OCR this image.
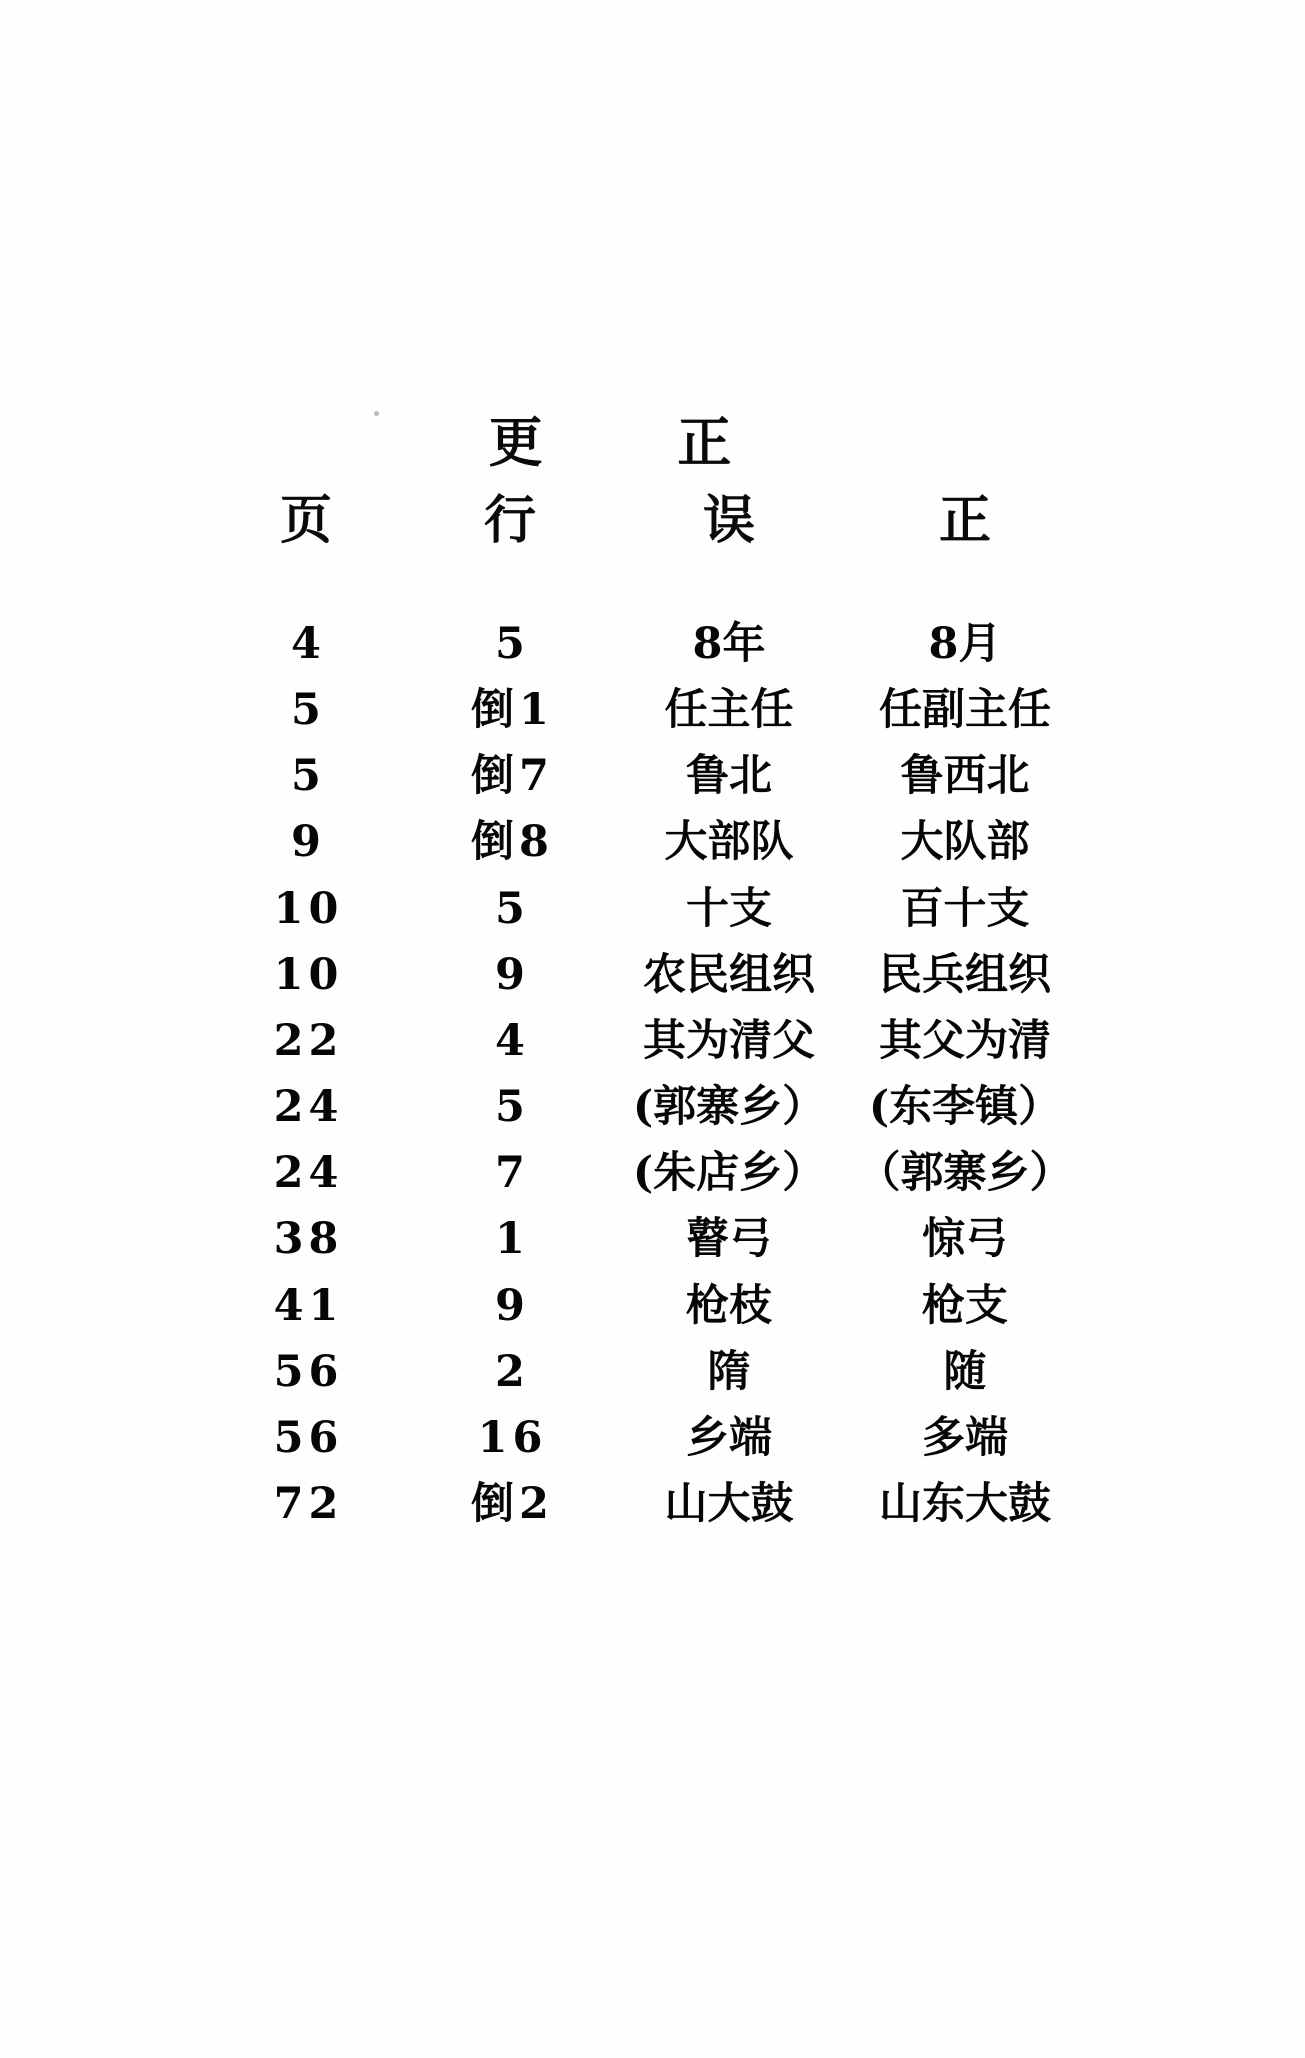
更 正
页	行	误	正
4	5	8年	8月
5	倒1	任主任	任副主任
5	倒7	鲁北	鲁西北
9	倒8	大部队	大队部
10	5	十支	百十支
10	9	农民组织	民兵组织
22	4	其为清父	其父为清
24	5	(郭寨乡）	(东李镇）
24	7	(朱店乡）	（郭寨乡）
38	1	瞽弓	惊弓
41	9	枪枝	枪支
56	2	隋	随
56	16	乡端	多端
72	倒2	山大鼓	山东大鼓
